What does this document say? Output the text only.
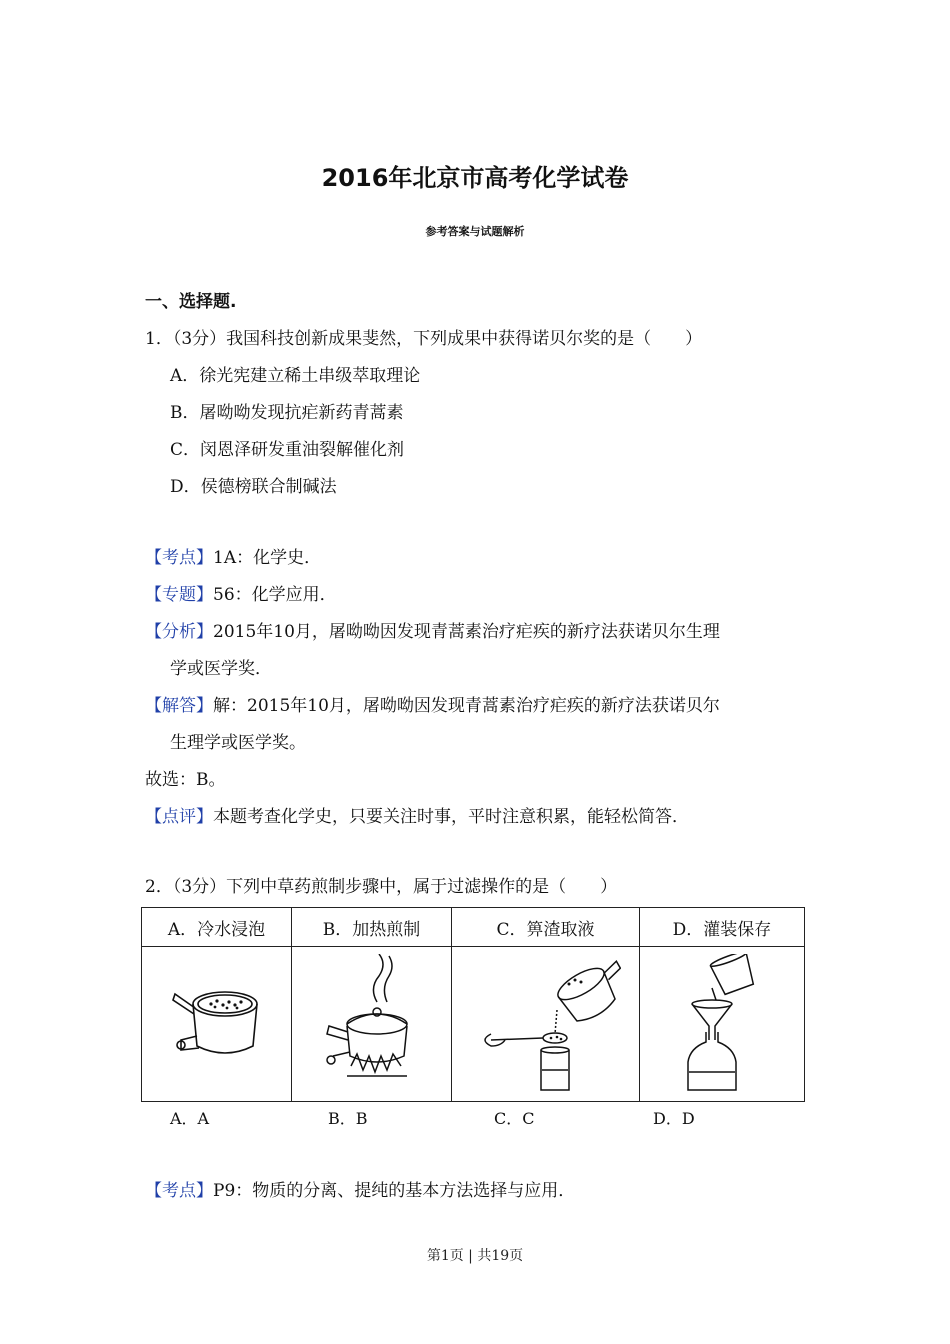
2016年北京市高考化学试卷
参考答案与试题解析
一、选择题.
1．（3分）我国科技创新成果斐然，下列成果中获得诺贝尔奖的是（　　）
A．徐光宪建立稀土串级萃取理论
B．屠呦呦发现抗疟新药青蒿素
C．闵恩泽研发重油裂解催化剂
D．侯德榜联合制碱法
【考点】1A：化学史．
【专题】56：化学应用．
【分析】2015年10月，屠呦呦因发现青蒿素治疗疟疾的新疗法获诺贝尔生理
学或医学奖．
【解答】解：2015年10月，屠呦呦因发现青蒿素治疗疟疾的新疗法获诺贝尔
生理学或医学奖。
故选：B。
【点评】本题考查化学史，只要关注时事，平时注意积累，能轻松简答．
2．（3分）下列中草药煎制步骤中，属于过滤操作的是（　　）
A．冷水浸泡	B．加热煎制	C．箅渣取液	D．灌装保存

A．A	B．B	C．C	D．D
【考点】P9：物质的分离、提纯的基本方法选择与应用．
第1页 | 共19页
